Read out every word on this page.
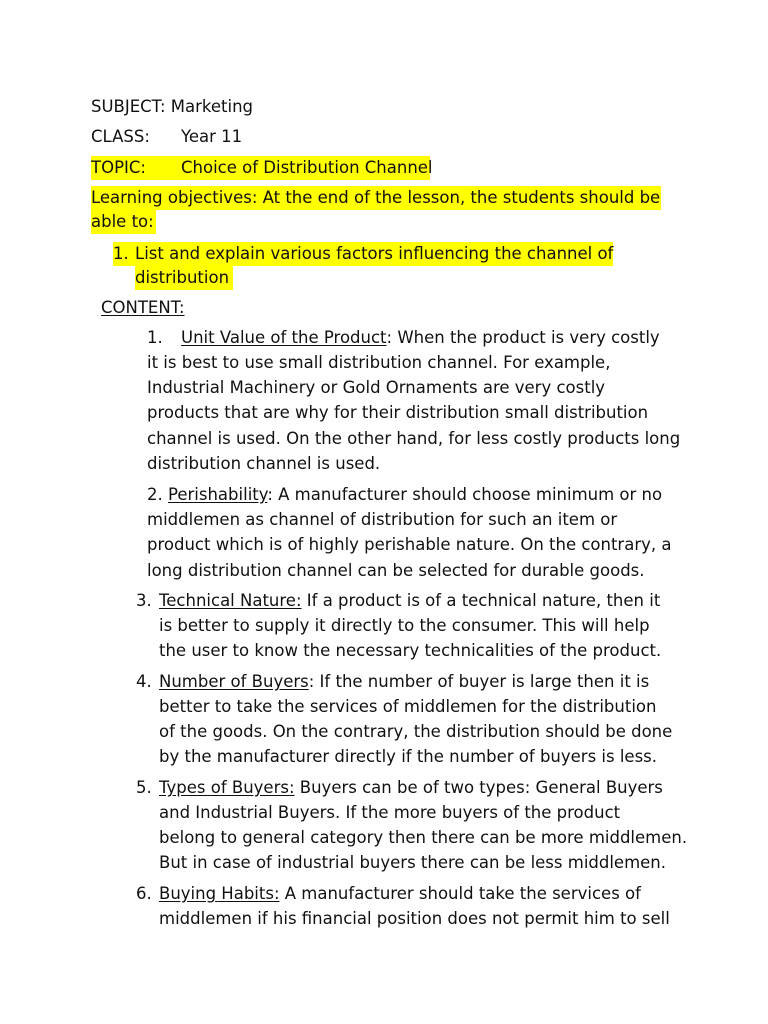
SUBJECT: Marketing
CLASS: Year 11
TOPIC: Choice of Distribution Channel
Learning objectives: At the end of the lesson, the students should be
able to:
1. List and explain various factors influencing the channel of
distribution
CONTENT:
1. Unit Value of the Product: When the product is very costly
it is best to use small distribution channel. For example,
Industrial Machinery or Gold Ornaments are very costly
products that are why for their distribution small distribution
channel is used. On the other hand, for less costly products long
distribution channel is used.
2. Perishability: A manufacturer should choose minimum or no
middlemen as channel of distribution for such an item or
product which is of highly perishable nature. On the contrary, a
long distribution channel can be selected for durable goods.
3. Technical Nature: If a product is of a technical nature, then it
is better to supply it directly to the consumer. This will help
the user to know the necessary technicalities of the product.
4. Number of Buyers: If the number of buyer is large then it is
better to take the services of middlemen for the distribution
of the goods. On the contrary, the distribution should be done
by the manufacturer directly if the number of buyers is less.
5. Types of Buyers: Buyers can be of two types: General Buyers
and Industrial Buyers. If the more buyers of the product
belong to general category then there can be more middlemen.
But in case of industrial buyers there can be less middlemen.
6. Buying Habits: A manufacturer should take the services of
middlemen if his financial position does not permit him to sell
